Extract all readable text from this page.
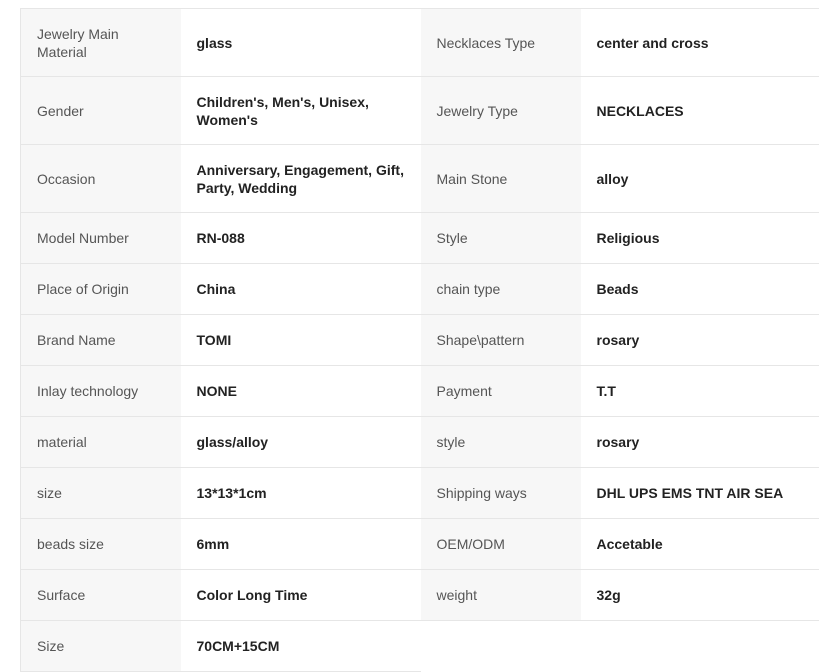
Jewelry Main Material	glass	Necklaces Type	center and cross
Gender	Children's, Men's, Unisex, Women's	Jewelry Type	NECKLACES
Occasion	Anniversary, Engagement, Gift, Party, Wedding	Main Stone	alloy
Model Number	RN-088	Style	Religious
Place of Origin	China	chain type	Beads
Brand Name	TOMI	Shape\pattern	rosary
Inlay technology	NONE	Payment	T.T
material	glass/alloy	style	rosary
size	13*13*1cm	Shipping ways	DHL UPS EMS TNT AIR SEA
beads size	6mm	OEM/ODM	Accetable
Surface	Color Long Time	weight	32g
Size	70CM+15CM		
